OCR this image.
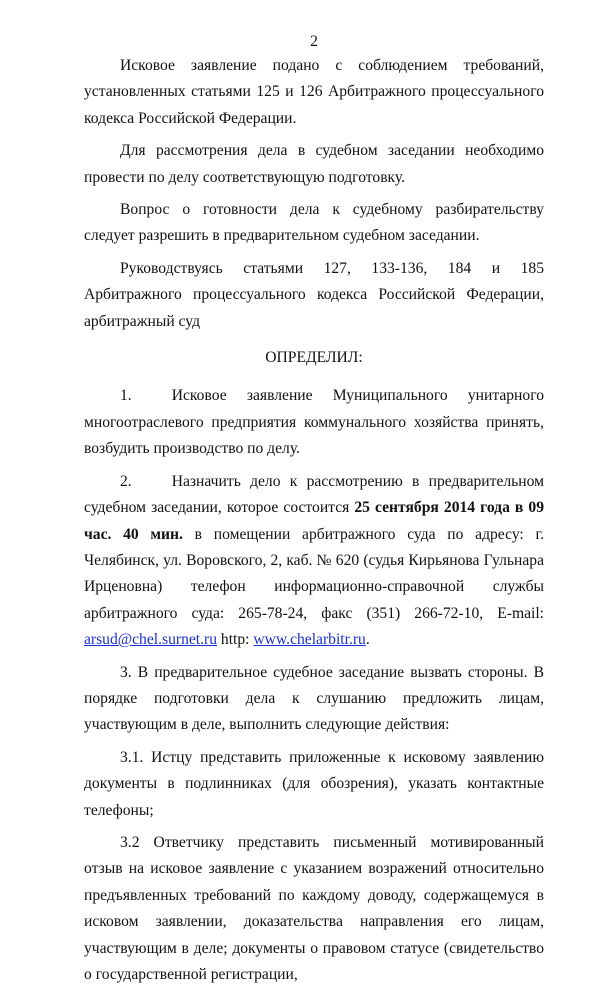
2

Исковое заявление подано с соблюдением требований, установленных статьями 125 и 126 Арбитражного процессуального кодекса Российской Федерации.

Для рассмотрения дела в судебном заседании необходимо провести по делу соответствующую подготовку.

Вопрос о готовности дела к судебному разбирательству следует разрешить в предварительном судебном заседании.

Руководствуясь статьями 127, 133-136, 184 и 185 Арбитражного процессуального кодекса Российской Федерации, арбитражный суд

ОПРЕДЕЛИЛ:

1.	Исковое заявление Муниципального унитарного многоотраслевого предприятия коммунального хозяйства принять, возбудить производство по делу.

2.	Назначить дело к рассмотрению в предварительном судебном заседании, которое состоится 25 сентября 2014 года в 09 час. 40 мин. в помещении арбитражного суда по адресу: г. Челябинск, ул. Воровского, 2, каб. № 620 (судья Кирьянова Гульнара Ирценовна) телефон информационно-справочной службы арбитражного суда: 265-78-24, факс (351) 266-72-10, E-mail: arsud@chel.surnet.ru http: www.chelarbitr.ru.

3. В предварительное судебное заседание вызвать стороны. В порядке подготовки дела к слушанию предложить лицам, участвующим в деле, выполнить следующие действия:

3.1. Истцу представить приложенные к исковому заявлению документы в подлинниках (для обозрения), указать контактные телефоны;

3.2 Ответчику представить письменный мотивированный отзыв на исковое заявление с указанием возражений относительно предъявленных требований по каждому доводу, содержащемуся в исковом заявлении, доказательства направления его лицам, участвующим в деле; документы о правовом статусе (свидетельство о государственной регистрации,
